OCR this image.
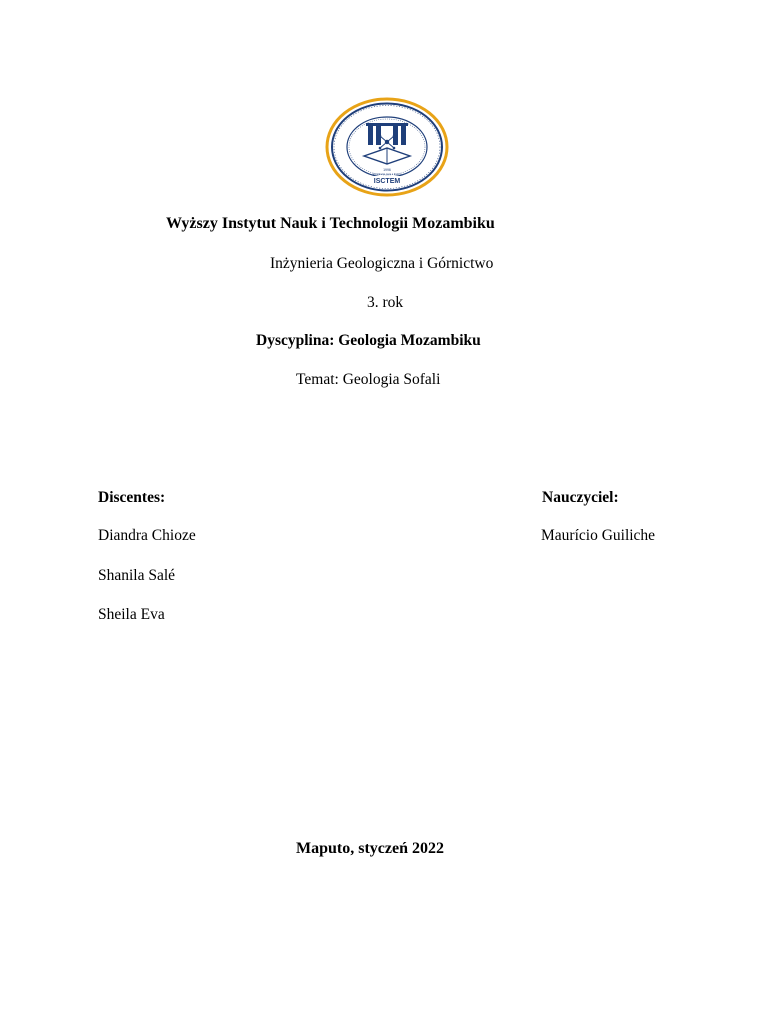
ISCTEM
1996
Excelência para o Futuro
Wyższy Instytut Nauk i Technologii Mozambiku
Inżynieria Geologiczna i Górnictwo
3. rok
Dyscyplina: Geologia Mozambiku
Temat: Geologia Sofali
Discentes:
Diandra Chioze
Shanila Salé
Sheila Eva
Nauczyciel:
Maurício Guiliche
Maputo, styczeń 2022
